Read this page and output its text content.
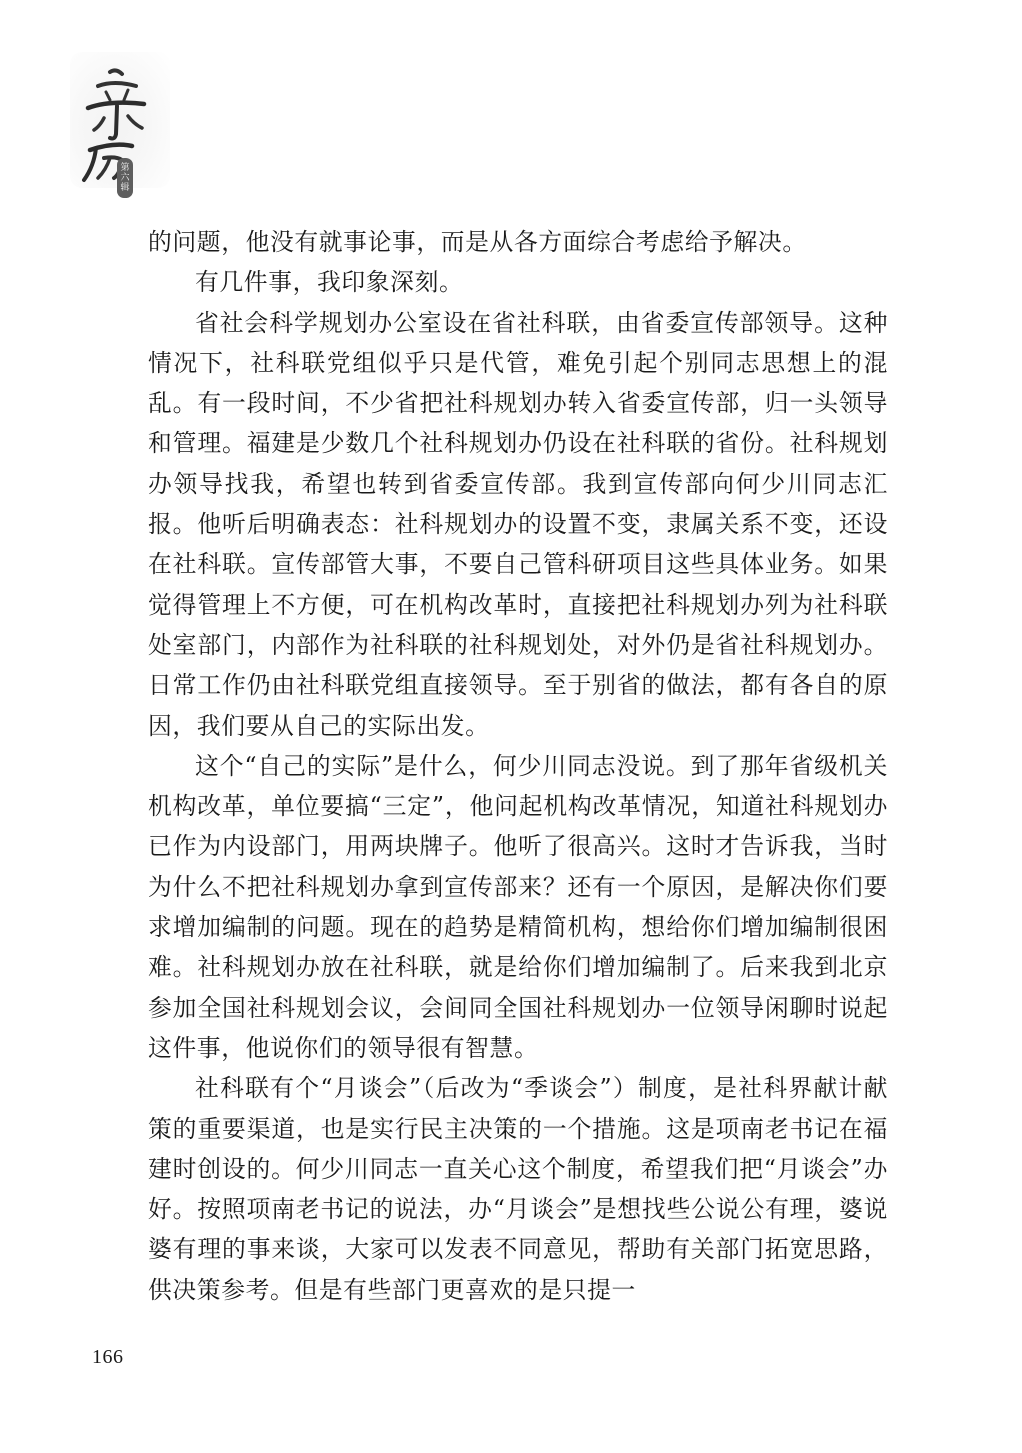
第
六
辑

的问题，他没有就事论事，而是从各方面综合考虑给予解决。

有几件事，我印象深刻。

省社会科学规划办公室设在省社科联，由省委宣传部领导。这种情况下，社科联党组似乎只是代管，难免引起个别同志思想上的混乱。有一段时间，不少省把社科规划办转入省委宣传部，归一头领导和管理。福建是少数几个社科规划办仍设在社科联的省份。社科规划办领导找我，希望也转到省委宣传部。我到宣传部向何少川同志汇报。他听后明确表态：社科规划办的设置不变，隶属关系不变，还设在社科联。宣传部管大事，不要自己管科研项目这些具体业务。如果觉得管理上不方便，可在机构改革时，直接把社科规划办列为社科联处室部门，内部作为社科联的社科规划处，对外仍是省社科规划办。日常工作仍由社科联党组直接领导。至于别省的做法，都有各自的原因，我们要从自己的实际出发。

这个“自己的实际”是什么，何少川同志没说。到了那年省级机关机构改革，单位要搞“三定”，他问起机构改革情况，知道社科规划办已作为内设部门，用两块牌子。他听了很高兴。这时才告诉我，当时为什么不把社科规划办拿到宣传部来？还有一个原因，是解决你们要求增加编制的问题。现在的趋势是精简机构，想给你们增加编制很困难。社科规划办放在社科联，就是给你们增加编制了。后来我到北京参加全国社科规划会议，会间同全国社科规划办一位领导闲聊时说起这件事，他说你们的领导很有智慧。

社科联有个“月谈会”（后改为“季谈会”）制度，是社科界献计献策的重要渠道，也是实行民主决策的一个措施。这是项南老书记在福建时创设的。何少川同志一直关心这个制度，希望我们把“月谈会”办好。按照项南老书记的说法，办“月谈会”是想找些公说公有理，婆说婆有理的事来谈，大家可以发表不同意见，帮助有关部门拓宽思路，供决策参考。但是有些部门更喜欢的是只提一

166
